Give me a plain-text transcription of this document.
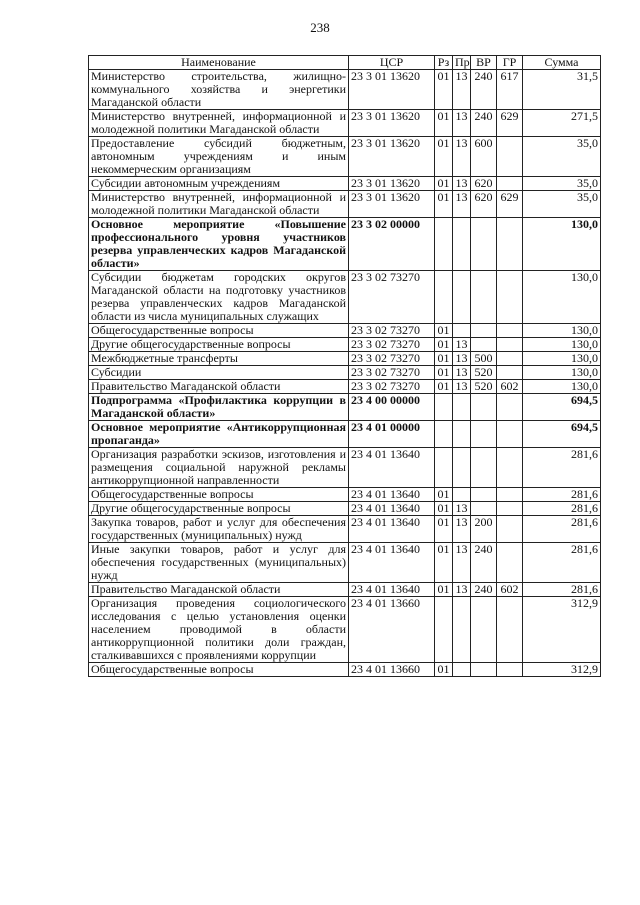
238
Наименование	ЦСР	Рз	Пр	ВР	ГР	Сумма
Министерство строительства, жилищно-коммунального хозяйства и энергетики Магаданской области	23 3 01 13620	01	13	240	617	31,5
Министерство внутренней, информационной и молодежной политики Магаданской области	23 3 01 13620	01	13	240	629	271,5
Предоставление субсидий бюджетным, автономным учреждениям и иным некоммерческим организациям	23 3 01 13620	01	13	600		35,0
Субсидии автономным учреждениям	23 3 01 13620	01	13	620		35,0
Министерство внутренней, информационной и молодежной политики Магаданской области	23 3 01 13620	01	13	620	629	35,0
Основное мероприятие «Повышение профессионального уровня участников резерва управленческих кадров Магаданской области»	23 3 02 00000					130,0
Субсидии бюджетам городских округов Магаданской области на подготовку участников резерва управленческих кадров Магаданской области из числа муниципальных служащих	23 3 02 73270					130,0
Общегосударственные вопросы	23 3 02 73270	01				130,0
Другие общегосударственные вопросы	23 3 02 73270	01	13			130,0
Межбюджетные трансферты	23 3 02 73270	01	13	500		130,0
Субсидии	23 3 02 73270	01	13	520		130,0
Правительство Магаданской области	23 3 02 73270	01	13	520	602	130,0
Подпрограмма «Профилактика коррупции в Магаданской области»	23 4 00 00000					694,5
Основное мероприятие «Антикоррупционная пропаганда»	23 4 01 00000					694,5
Организация разработки эскизов, изготовления и размещения социальной наружной рекламы антикоррупционной направленности	23 4 01 13640					281,6
Общегосударственные вопросы	23 4 01 13640	01				281,6
Другие общегосударственные вопросы	23 4 01 13640	01	13			281,6
Закупка товаров, работ и услуг для обеспечения государственных (муниципальных) нужд	23 4 01 13640	01	13	200		281,6
Иные закупки товаров, работ и услуг для обеспечения государственных (муниципальных) нужд	23 4 01 13640	01	13	240		281,6
Правительство Магаданской области	23 4 01 13640	01	13	240	602	281,6
Организация проведения социологического исследования с целью установления оценки населением проводимой в области антикоррупционной политики доли граждан, сталкивавшихся с проявлениями коррупции	23 4 01 13660					312,9
Общегосударственные вопросы	23 4 01 13660	01				312,9
